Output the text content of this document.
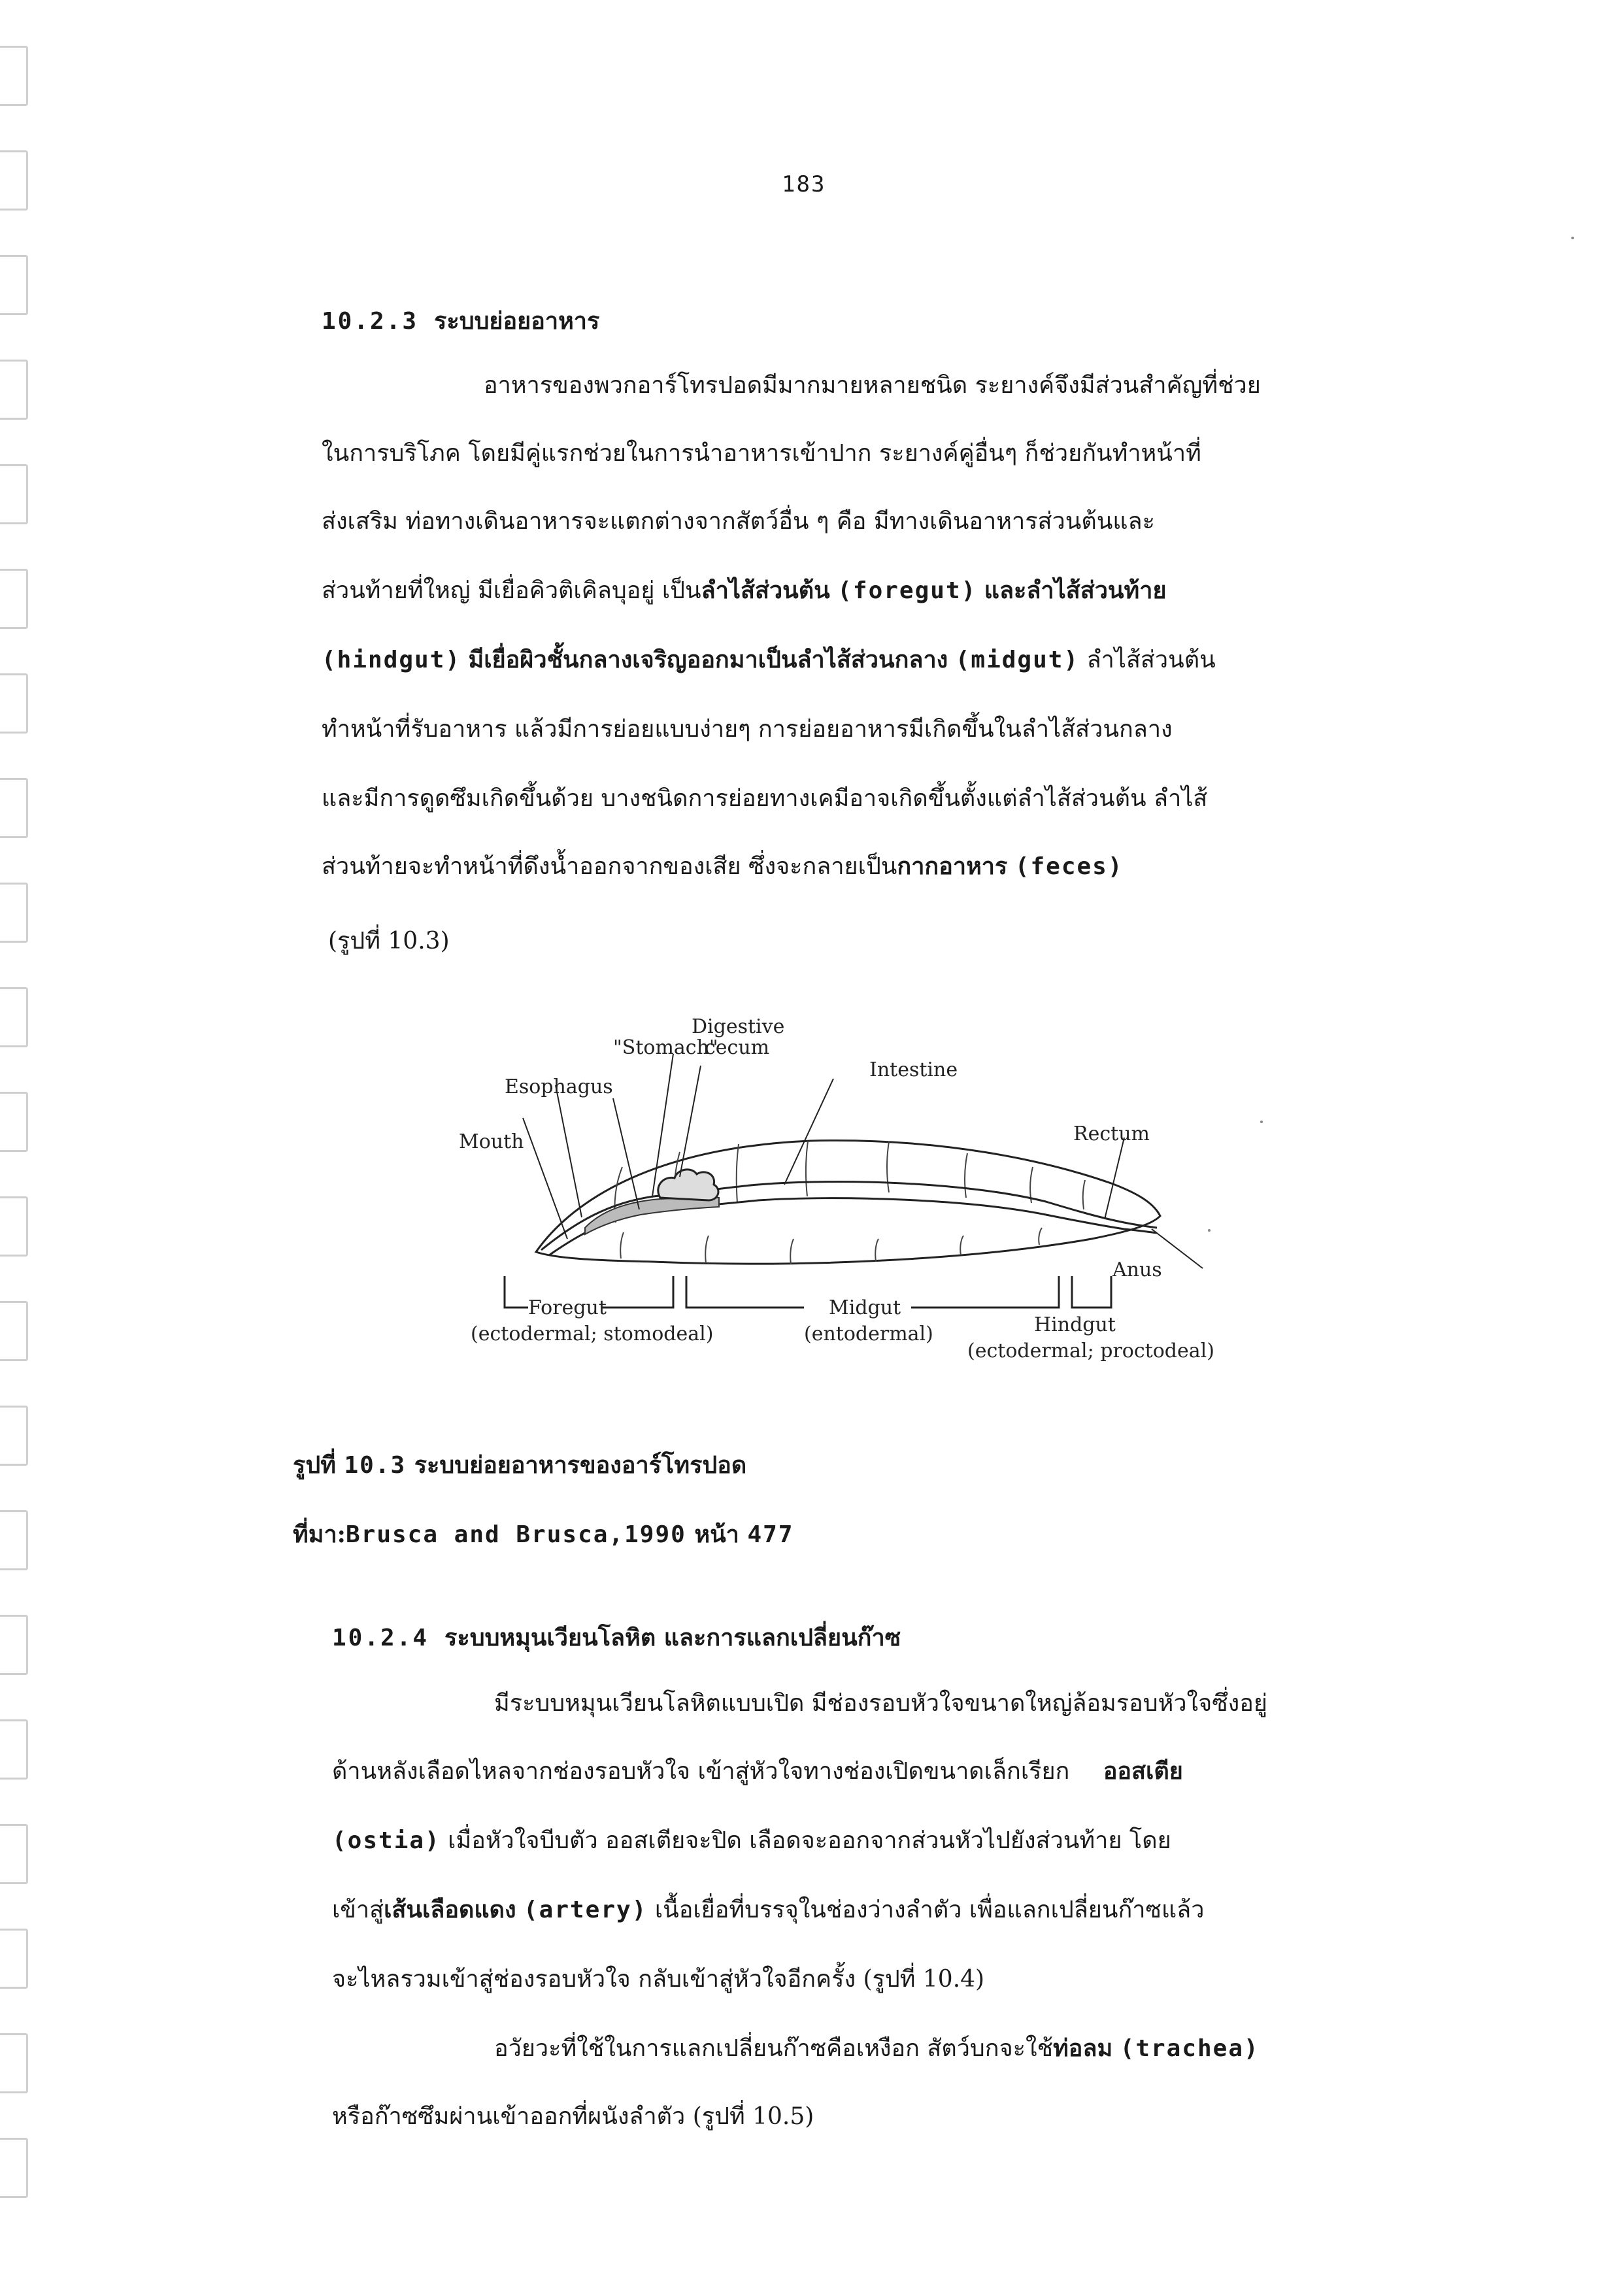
183
10.2.3 ระบบย่อยอาหาร
อาหารของพวกอาร์โทรปอดมีมากมายหลายชนิด ระยางค์จึงมีส่วนสำคัญที่ช่วย
ในการบริโภค โดยมีคู่แรกช่วยในการนำอาหารเข้าปาก ระยางค์คู่อื่นๆ ก็ช่วยกันทำหน้าที่
ส่งเสริม ท่อทางเดินอาหารจะแตกต่างจากสัตว์อื่น ๆ คือ มีทางเดินอาหารส่วนต้นและ
ส่วนท้ายที่ใหญ่ มีเยื่อคิวติเคิลบุอยู่ เป็นลำไส้ส่วนต้น (foregut) และลำไส้ส่วนท้าย
(hindgut) มีเยื่อผิวชั้นกลางเจริญออกมาเป็นลำไส้ส่วนกลาง (midgut) ลำไส้ส่วนต้น
ทำหน้าที่รับอาหาร แล้วมีการย่อยแบบง่ายๆ การย่อยอาหารมีเกิดขึ้นในลำไส้ส่วนกลาง
และมีการดูดซึมเกิดขึ้นด้วย บางชนิดการย่อยทางเคมีอาจเกิดขึ้นตั้งแต่ลำไส้ส่วนต้น ลำไส้
ส่วนท้ายจะทำหน้าที่ดึงน้ำออกจากของเสีย ซึ่งจะกลายเป็นกากอาหาร (feces)
(รูปที่ 10.3)
Digestive
cecum
"Stomach"
Esophagus
Intestine
Mouth	Rectum
Anus
Foregut
(ectodermal; stomodeal)
Midgut
(entodermal)	Hindgut
(ectodermal; proctodeal)
รูปที่ 10.3 ระบบย่อยอาหารของอาร์โทรปอด
ที่มา:Brusca and Brusca,1990 หน้า 477
10.2.4 ระบบหมุนเวียนโลหิต และการแลกเปลี่ยนก๊าซ
มีระบบหมุนเวียนโลหิตแบบเปิด มีช่องรอบหัวใจขนาดใหญ่ล้อมรอบหัวใจซึ่งอยู่
ด้านหลังเลือดไหลจากช่องรอบหัวใจ เข้าสู่หัวใจทางช่องเปิดขนาดเล็กเรียก ออสเตีย
(ostia) เมื่อหัวใจบีบตัว ออสเตียจะปิด เลือดจะออกจากส่วนหัวไปยังส่วนท้าย โดย
เข้าสู่เส้นเลือดแดง (artery) เนื้อเยื่อที่บรรจุในช่องว่างลำตัว เพื่อแลกเปลี่ยนก๊าซแล้ว
จะไหลรวมเข้าสู่ช่องรอบหัวใจ กลับเข้าสู่หัวใจอีกครั้ง (รูปที่ 10.4)
อวัยวะที่ใช้ในการแลกเปลี่ยนก๊าซคือเหงือก สัตว์บกจะใช้ท่อลม (trachea)
หรือก๊าซซึมผ่านเข้าออกที่ผนังลำตัว (รูปที่ 10.5)
